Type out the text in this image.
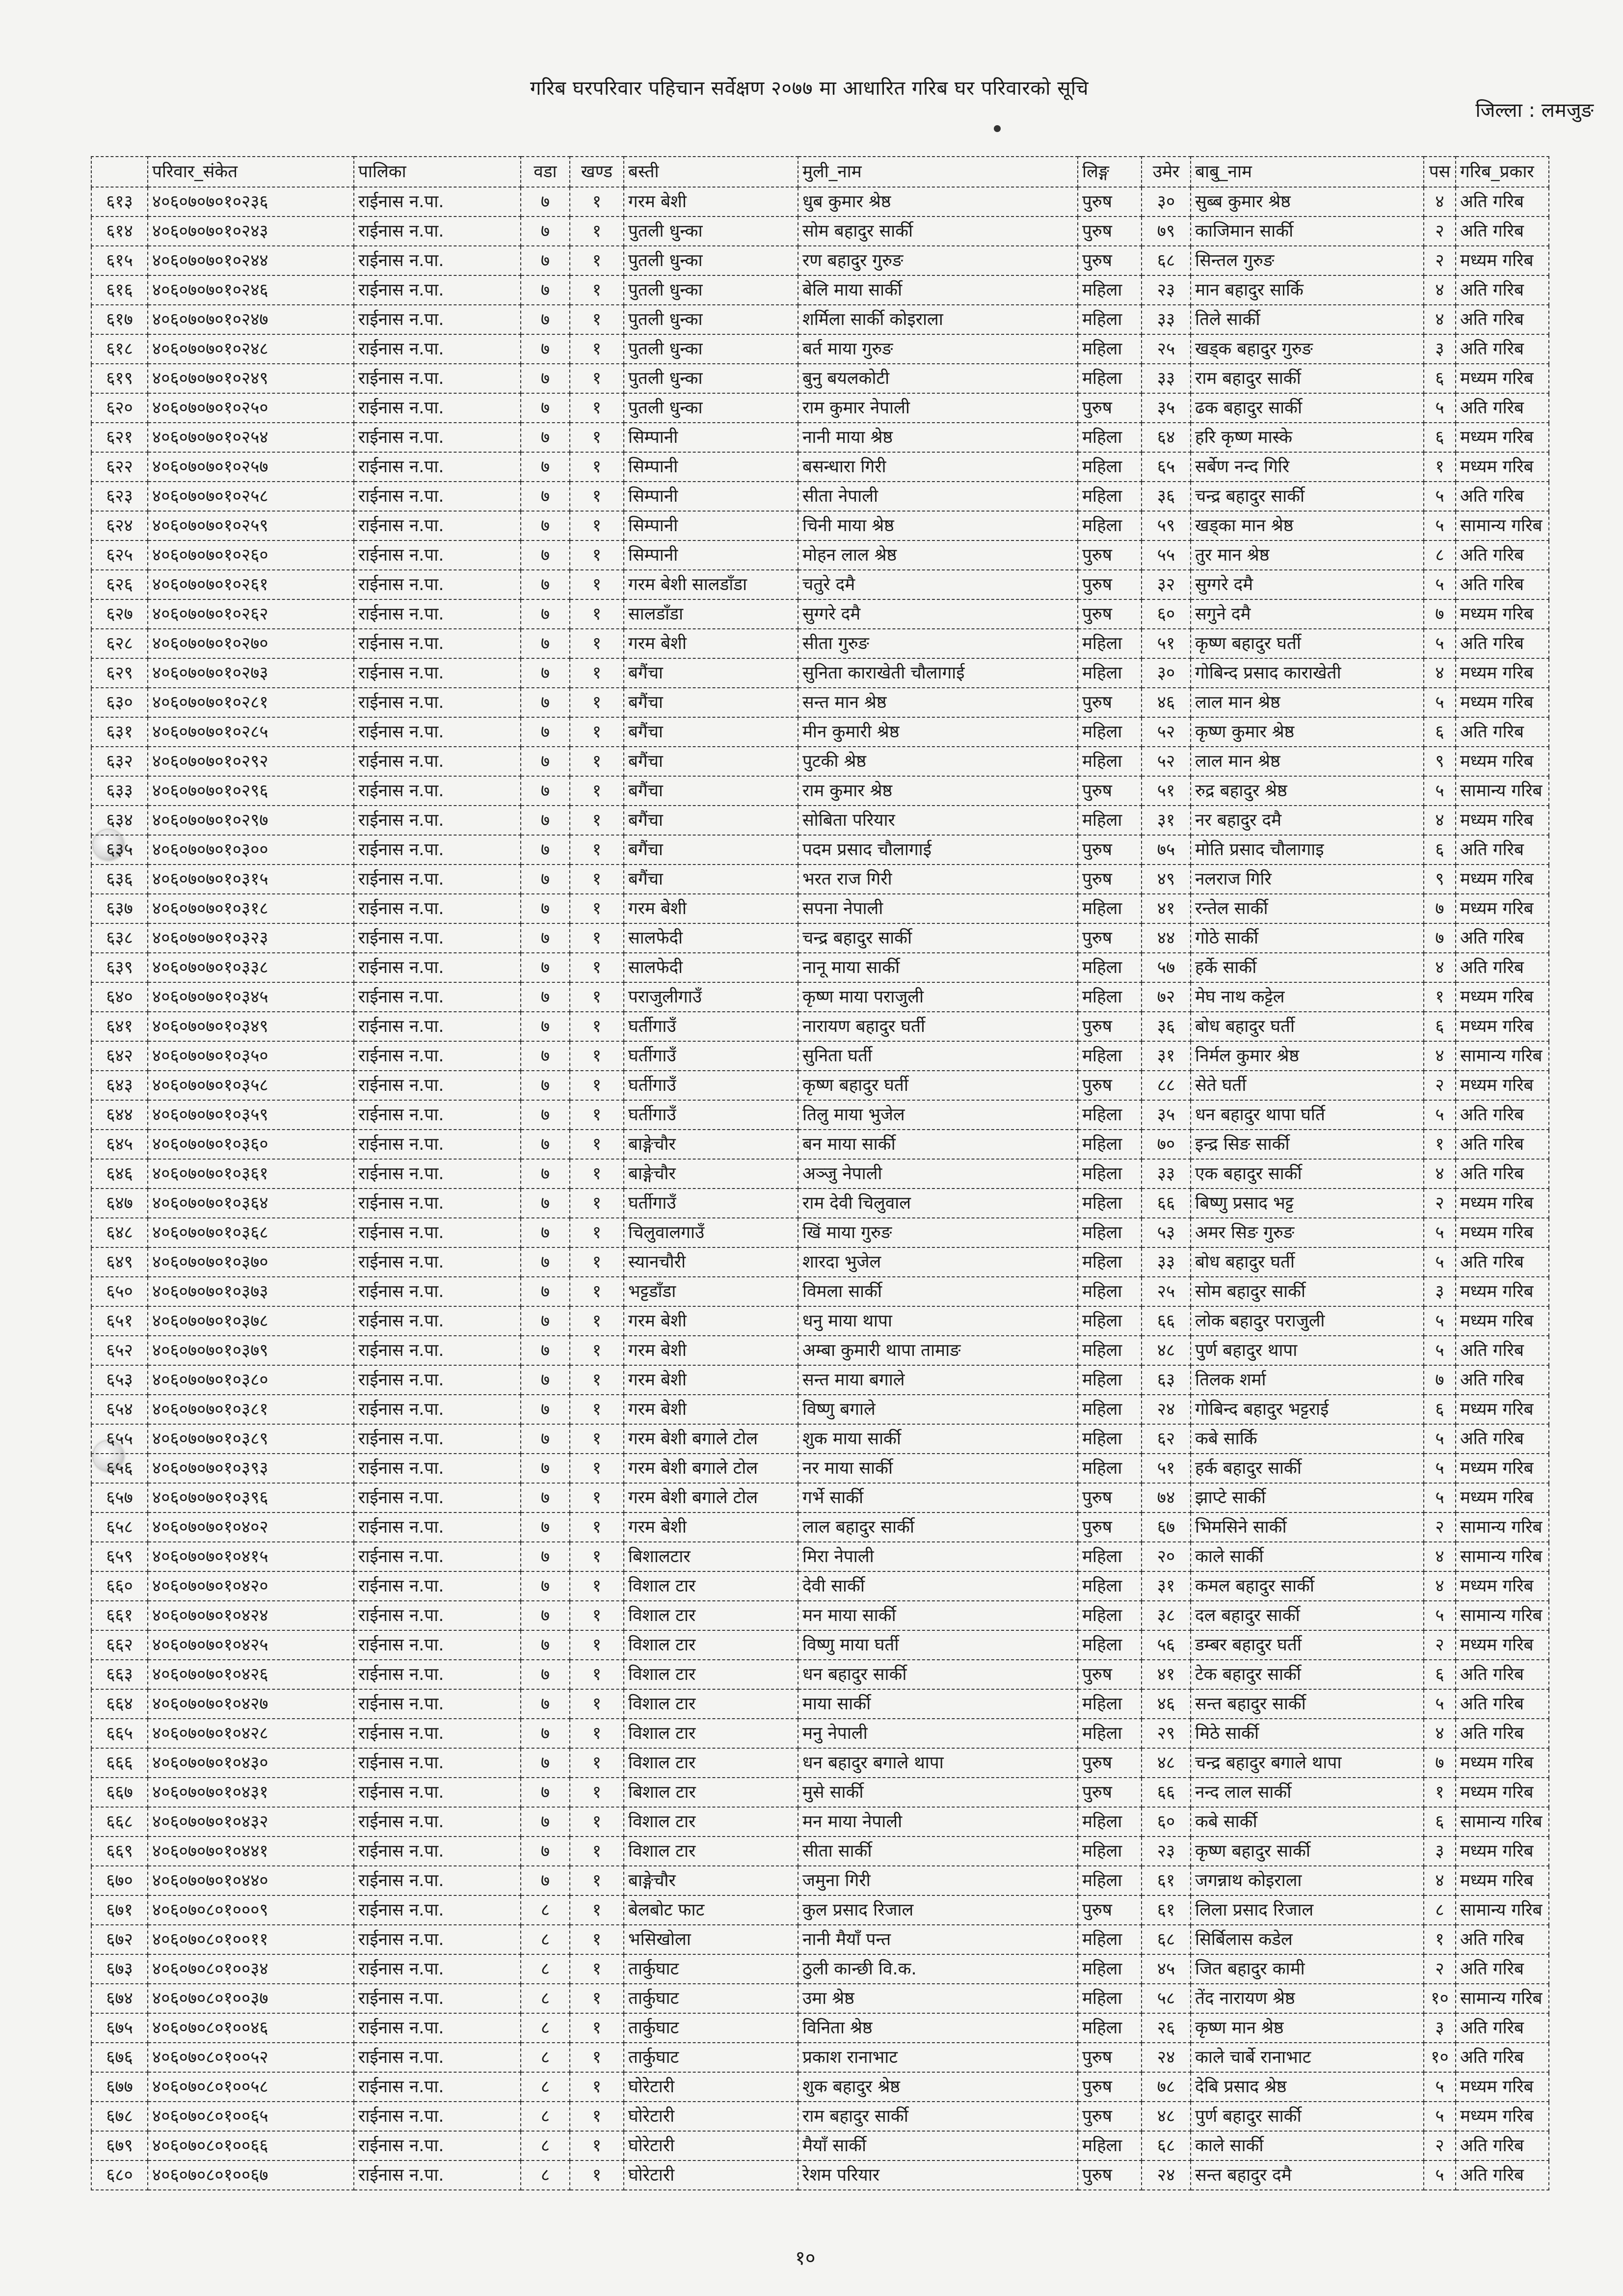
गरिब घरपरिवार पहिचान सर्वेक्षण २०७७ मा आधारित गरिब घर परिवारको सूचि
जिल्ला : लमजुङ
	परिवार_संकेत	पालिका	वडा	खण्ड	बस्ती	मुली_नाम	लिङ्ग	उमेर	बाबु_नाम	पस	गरिब_प्रकार
६१३	४०६०७०७०१०२३६	राईनास न.पा.	७	१	गरम बेशी	धुब कुमार श्रेष्ठ	पुरुष	३०	सुब्ब कुमार श्रेष्ठ	४	अति गरिब
६१४	४०६०७०७०१०२४३	राईनास न.पा.	७	१	पुतली धुन्का	सोम बहादुर सार्की	पुरुष	७९	काजिमान सार्की	२	अति गरिब
६१५	४०६०७०७०१०२४४	राईनास न.पा.	७	१	पुतली धुन्का	रण बहादुर गुरुङ	पुरुष	६८	सिन्तल गुरुङ	२	मध्यम गरिब
६१६	४०६०७०७०१०२४६	राईनास न.पा.	७	१	पुतली धुन्का	बेलि माया सार्की	महिला	२३	मान बहादुर सार्कि	४	अति गरिब
६१७	४०६०७०७०१०२४७	राईनास न.पा.	७	१	पुतली धुन्का	शर्मिला सार्की कोइराला	महिला	३३	तिले सार्की	४	अति गरिब
६१८	४०६०७०७०१०२४८	राईनास न.पा.	७	१	पुतली धुन्का	बर्त माया गुरुङ	महिला	२५	खड्क बहादुर गुरुङ	३	अति गरिब
६१९	४०६०७०७०१०२४९	राईनास न.पा.	७	१	पुतली धुन्का	बुनु बयलकोटी	महिला	३३	राम बहादुर सार्की	६	मध्यम गरिब
६२०	४०६०७०७०१०२५०	राईनास न.पा.	७	१	पुतली धुन्का	राम कुमार नेपाली	पुरुष	३५	ढक बहादुर सार्की	५	अति गरिब
६२१	४०६०७०७०१०२५४	राईनास न.पा.	७	१	सिम्पानी	नानी माया श्रेष्ठ	महिला	६४	हरि कृष्ण मास्के	६	मध्यम गरिब
६२२	४०६०७०७०१०२५७	राईनास न.पा.	७	१	सिम्पानी	बसन्धारा गिरी	महिला	६५	सर्बेण नन्द गिरि	१	मध्यम गरिब
६२३	४०६०७०७०१०२५८	राईनास न.पा.	७	१	सिम्पानी	सीता नेपाली	महिला	३६	चन्द्र बहादुर सार्की	५	अति गरिब
६२४	४०६०७०७०१०२५९	राईनास न.पा.	७	१	सिम्पानी	चिनी माया श्रेष्ठ	महिला	५९	खड्का मान श्रेष्ठ	५	सामान्य गरिब
६२५	४०६०७०७०१०२६०	राईनास न.पा.	७	१	सिम्पानी	मोहन लाल श्रेष्ठ	पुरुष	५५	तुर मान श्रेष्ठ	८	अति गरिब
६२६	४०६०७०७०१०२६१	राईनास न.पा.	७	१	गरम बेशी सालडाँडा	चतुरे दमै	पुरुष	३२	सुग्गरे दमै	५	अति गरिब
६२७	४०६०७०७०१०२६२	राईनास न.पा.	७	१	सालडाँडा	सुग्गरे दमै	पुरुष	६०	सगुने दमै	७	मध्यम गरिब
६२८	४०६०७०७०१०२७०	राईनास न.पा.	७	१	गरम बेशी	सीता गुरुङ	महिला	५१	कृष्ण बहादुर घर्ती	५	अति गरिब
६२९	४०६०७०७०१०२७३	राईनास न.पा.	७	१	बगैंचा	सुनिता काराखेती चौलागाई	महिला	३०	गोबिन्द प्रसाद काराखेती	४	मध्यम गरिब
६३०	४०६०७०७०१०२८१	राईनास न.पा.	७	१	बगैंचा	सन्त मान श्रेष्ठ	पुरुष	४६	लाल मान श्रेष्ठ	५	मध्यम गरिब
६३१	४०६०७०७०१०२८५	राईनास न.पा.	७	१	बगैंचा	मीन कुमारी श्रेष्ठ	महिला	५२	कृष्ण कुमार श्रेष्ठ	६	अति गरिब
६३२	४०६०७०७०१०२९२	राईनास न.पा.	७	१	बगैंचा	पुटकी श्रेष्ठ	महिला	५२	लाल मान श्रेष्ठ	९	मध्यम गरिब
६३३	४०६०७०७०१०२९६	राईनास न.पा.	७	१	बगैंचा	राम कुमार श्रेष्ठ	पुरुष	५१	रुद्र बहादुर श्रेष्ठ	५	सामान्य गरिब
६३४	४०६०७०७०१०२९७	राईनास न.पा.	७	१	बगैंचा	सोबिता परियार	महिला	३१	नर बहादुर दमै	४	मध्यम गरिब
६३५	४०६०७०७०१०३००	राईनास न.पा.	७	१	बगैंचा	पदम प्रसाद चौलागाई	पुरुष	७५	मोति प्रसाद चौलागाइ	६	अति गरिब
६३६	४०६०७०७०१०३१५	राईनास न.पा.	७	१	बगैंचा	भरत राज गिरी	पुरुष	४९	नलराज गिरि	९	मध्यम गरिब
६३७	४०६०७०७०१०३१८	राईनास न.पा.	७	१	गरम बेशी	सपना नेपाली	महिला	४१	रन्तेल सार्की	७	मध्यम गरिब
६३८	४०६०७०७०१०३२३	राईनास न.पा.	७	१	सालफेदी	चन्द्र बहादुर सार्की	पुरुष	४४	गोठे सार्की	७	अति गरिब
६३९	४०६०७०७०१०३३८	राईनास न.पा.	७	१	सालफेदी	नानू माया सार्की	महिला	५७	हर्के सार्की	४	अति गरिब
६४०	४०६०७०७०१०३४५	राईनास न.पा.	७	१	पराजुलीगाउँ	कृष्ण माया पराजुली	महिला	७२	मेघ नाथ कट्टेल	१	मध्यम गरिब
६४१	४०६०७०७०१०३४९	राईनास न.पा.	७	१	घर्तीगाउँ	नारायण बहादुर घर्ती	पुरुष	३६	बोध बहादुर घर्ती	६	मध्यम गरिब
६४२	४०६०७०७०१०३५०	राईनास न.पा.	७	१	घर्तीगाउँ	सुनिता घर्ती	महिला	३१	निर्मल कुमार श्रेष्ठ	४	सामान्य गरिब
६४३	४०६०७०७०१०३५८	राईनास न.पा.	७	१	घर्तीगाउँ	कृष्ण बहादुर घर्ती	पुरुष	८८	सेते घर्ती	२	मध्यम गरिब
६४४	४०६०७०७०१०३५९	राईनास न.पा.	७	१	घर्तीगाउँ	तिलु माया भुजेल	महिला	३५	धन बहादुर थापा घर्ति	५	अति गरिब
६४५	४०६०७०७०१०३६०	राईनास न.पा.	७	१	बाङ्गेचौर	बन माया सार्की	महिला	७०	इन्द्र सिङ सार्की	१	अति गरिब
६४६	४०६०७०७०१०३६१	राईनास न.पा.	७	१	बाङ्गेचौर	अञ्जु नेपाली	महिला	३३	एक बहादुर सार्की	४	अति गरिब
६४७	४०६०७०७०१०३६४	राईनास न.पा.	७	१	घर्तीगाउँ	राम देवी चिलुवाल	महिला	६६	बिष्णु प्रसाद भट्ट	२	मध्यम गरिब
६४८	४०६०७०७०१०३६८	राईनास न.पा.	७	१	चिलुवालगाउँ	खिं माया गुरुङ	महिला	५३	अमर सिङ गुरुङ	५	मध्यम गरिब
६४९	४०६०७०७०१०३७०	राईनास न.पा.	७	१	स्यानचौरी	शारदा भुजेल	महिला	३३	बोध बहादुर घर्ती	५	अति गरिब
६५०	४०६०७०७०१०३७३	राईनास न.पा.	७	१	भट्टडाँडा	विमला सार्की	महिला	२५	सोम बहादुर सार्की	३	मध्यम गरिब
६५१	४०६०७०७०१०३७८	राईनास न.पा.	७	१	गरम बेशी	धनु माया थापा	महिला	६६	लोक बहादुर पराजुली	५	मध्यम गरिब
६५२	४०६०७०७०१०३७९	राईनास न.पा.	७	१	गरम बेशी	अम्बा कुमारी थापा तामाङ	महिला	४८	पुर्ण बहादुर थापा	५	अति गरिब
६५३	४०६०७०७०१०३८०	राईनास न.पा.	७	१	गरम बेशी	सन्त माया बगाले	महिला	६३	तिलक शर्मा	७	अति गरिब
६५४	४०६०७०७०१०३८१	राईनास न.पा.	७	१	गरम बेशी	विष्णु बगाले	महिला	२४	गोबिन्द बहादुर भट्टराई	६	मध्यम गरिब
६५५	४०६०७०७०१०३८९	राईनास न.पा.	७	१	गरम बेशी बगाले टोल	शुक माया सार्की	महिला	६२	कबे सार्कि	५	अति गरिब
६५६	४०६०७०७०१०३९३	राईनास न.पा.	७	१	गरम बेशी बगाले टोल	नर माया सार्की	महिला	५१	हर्क बहादुर सार्की	५	मध्यम गरिब
६५७	४०६०७०७०१०३९६	राईनास न.पा.	७	१	गरम बेशी बगाले टोल	गर्भे सार्की	पुरुष	७४	झाप्टे सार्की	५	मध्यम गरिब
६५८	४०६०७०७०१०४०२	राईनास न.पा.	७	१	गरम बेशी	लाल बहादुर सार्की	पुरुष	६७	भिमसिने सार्की	२	सामान्य गरिब
६५९	४०६०७०७०१०४१५	राईनास न.पा.	७	१	बिशालटार	मिरा नेपाली	महिला	२०	काले सार्की	४	सामान्य गरिब
६६०	४०६०७०७०१०४२०	राईनास न.पा.	७	१	विशाल टार	देवी सार्की	महिला	३१	कमल बहादुर सार्की	४	मध्यम गरिब
६६१	४०६०७०७०१०४२४	राईनास न.पा.	७	१	विशाल टार	मन माया सार्की	महिला	३८	दल बहादुर सार्की	५	सामान्य गरिब
६६२	४०६०७०७०१०४२५	राईनास न.पा.	७	१	विशाल टार	विष्णु माया घर्ती	महिला	५६	डम्बर बहादुर घर्ती	२	मध्यम गरिब
६६३	४०६०७०७०१०४२६	राईनास न.पा.	७	१	विशाल टार	धन बहादुर सार्की	पुरुष	४१	टेक बहादुर सार्की	६	अति गरिब
६६४	४०६०७०७०१०४२७	राईनास न.पा.	७	१	विशाल टार	माया सार्की	महिला	४६	सन्त बहादुर सार्की	५	अति गरिब
६६५	४०६०७०७०१०४२८	राईनास न.पा.	७	१	विशाल टार	मनु नेपाली	महिला	२९	मिठे सार्की	४	अति गरिब
६६६	४०६०७०७०१०४३०	राईनास न.पा.	७	१	विशाल टार	धन बहादुर बगाले थापा	पुरुष	४८	चन्द्र बहादुर बगाले थापा	७	मध्यम गरिब
६६७	४०६०७०७०१०४३१	राईनास न.पा.	७	१	बिशाल टार	मुसे सार्की	पुरुष	६६	नन्द लाल सार्की	१	मध्यम गरिब
६६८	४०६०७०७०१०४३२	राईनास न.पा.	७	१	विशाल टार	मन माया नेपाली	महिला	६०	कबे सार्की	६	सामान्य गरिब
६६९	४०६०७०७०१०४४१	राईनास न.पा.	७	१	विशाल टार	सीता सार्की	महिला	२३	कृष्ण बहादुर सार्की	३	मध्यम गरिब
६७०	४०६०७०७०१०४४०	राईनास न.पा.	७	१	बाङ्गेचौर	जमुना गिरी	महिला	६१	जगन्नाथ कोइराला	४	मध्यम गरिब
६७१	४०६०७०८०१०००९	राईनास न.पा.	८	१	बेलबोट फाट	कुल प्रसाद रिजाल	पुरुष	६१	लिला प्रसाद रिजाल	८	सामान्य गरिब
६७२	४०६०७०८०१००११	राईनास न.पा.	८	१	भसिखोला	नानी मैयाँ पन्त	महिला	६८	सिर्बिलास कडेल	१	अति गरिब
६७३	४०६०७०८०१००३४	राईनास न.पा.	८	१	तार्कुघाट	ठुली कान्छी वि.क.	महिला	४५	जित बहादुर कामी	२	अति गरिब
६७४	४०६०७०८०१००३७	राईनास न.पा.	८	१	तार्कुघाट	उमा श्रेष्ठ	महिला	५८	तेंद नारायण श्रेष्ठ	१०	सामान्य गरिब
६७५	४०६०७०८०१००४६	राईनास न.पा.	८	१	तार्कुघाट	विनिता श्रेष्ठ	महिला	२६	कृष्ण मान श्रेष्ठ	३	अति गरिब
६७६	४०६०७०८०१००५२	राईनास न.पा.	८	१	तार्कुघाट	प्रकाश रानाभाट	पुरुष	२४	काले चार्बे रानाभाट	१०	अति गरिब
६७७	४०६०७०८०१००५८	राईनास न.पा.	८	१	घोरेटारी	शुक बहादुर श्रेष्ठ	पुरुष	७८	देबि प्रसाद श्रेष्ठ	५	मध्यम गरिब
६७८	४०६०७०८०१००६५	राईनास न.पा.	८	१	घोरेटारी	राम बहादुर सार्की	पुरुष	४८	पुर्ण बहादुर सार्की	५	मध्यम गरिब
६७९	४०६०७०८०१००६६	राईनास न.पा.	८	१	घोरेटारी	मैयाँ सार्की	महिला	६८	काले सार्की	२	अति गरिब
६८०	४०६०७०८०१००६७	राईनास न.पा.	८	१	घोरेटारी	रेशम परियार	पुरुष	२४	सन्त बहादुर दमै	५	अति गरिब
१०
